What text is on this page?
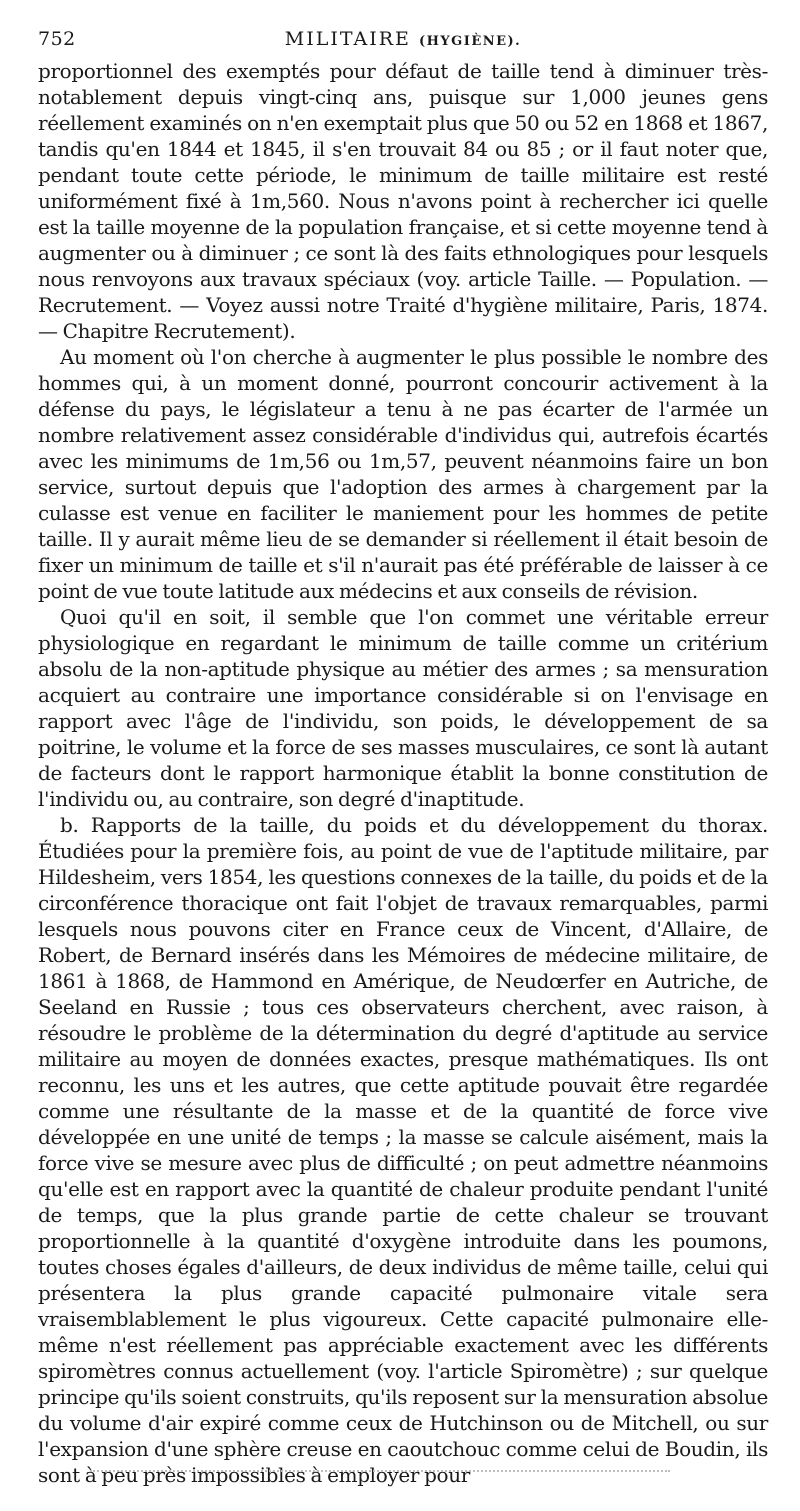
752	MILITAIRE (HYGIÈNE).

proportionnel des exemptés pour défaut de taille tend à diminuer très-notablement depuis vingt-cinq ans, puisque sur 1,000 jeunes gens réellement examinés on n'en exemptait plus que 50 ou 52 en 1868 et 1867, tandis qu'en 1844 et 1845, il s'en trouvait 84 ou 85 ; or il faut noter que, pendant toute cette période, le minimum de taille militaire est resté uniformément fixé à 1m,560. Nous n'avons point à rechercher ici quelle est la taille moyenne de la population française, et si cette moyenne tend à augmenter ou à diminuer ; ce sont là des faits ethnologiques pour lesquels nous renvoyons aux travaux spéciaux (voy. article Taille. — Population. — Recrutement. — Voyez aussi notre Traité d'hygiène militaire, Paris, 1874. — Chapitre Recrutement).

Au moment où l'on cherche à augmenter le plus possible le nombre des hommes qui, à un moment donné, pourront concourir activement à la défense du pays, le législateur a tenu à ne pas écarter de l'armée un nombre relativement assez considérable d'individus qui, autrefois écartés avec les minimums de 1m,56 ou 1m,57, peuvent néanmoins faire un bon service, surtout depuis que l'adoption des armes à chargement par la culasse est venue en faciliter le maniement pour les hommes de petite taille. Il y aurait même lieu de se demander si réellement il était besoin de fixer un minimum de taille et s'il n'aurait pas été préférable de laisser à ce point de vue toute latitude aux médecins et aux conseils de révision.

Quoi qu'il en soit, il semble que l'on commet une véritable erreur physiologique en regardant le minimum de taille comme un critérium absolu de la non-aptitude physique au métier des armes ; sa mensuration acquiert au contraire une importance considérable si on l'envisage en rapport avec l'âge de l'individu, son poids, le développement de sa poitrine, le volume et la force de ses masses musculaires, ce sont là autant de facteurs dont le rapport harmonique établit la bonne constitution de l'individu ou, au contraire, son degré d'inaptitude.

b. Rapports de la taille, du poids et du développement du thorax. Étudiées pour la première fois, au point de vue de l'aptitude militaire, par Hildesheim, vers 1854, les questions connexes de la taille, du poids et de la circonférence thoracique ont fait l'objet de travaux remarquables, parmi lesquels nous pouvons citer en France ceux de Vincent, d'Allaire, de Robert, de Bernard insérés dans les Mémoires de médecine militaire, de 1861 à 1868, de Hammond en Amérique, de Neudœrfer en Autriche, de Seeland en Russie ; tous ces observateurs cherchent, avec raison, à résoudre le problème de la détermination du degré d'aptitude au service militaire au moyen de données exactes, presque mathématiques. Ils ont reconnu, les uns et les autres, que cette aptitude pouvait être regardée comme une résultante de la masse et de la quantité de force vive développée en une unité de temps ; la masse se calcule aisément, mais la force vive se mesure avec plus de difficulté ; on peut admettre néanmoins qu'elle est en rapport avec la quantité de chaleur produite pendant l'unité de temps, que la plus grande partie de cette chaleur se trouvant proportionnelle à la quantité d'oxygène introduite dans les poumons, toutes choses égales d'ailleurs, de deux individus de même taille, celui qui présentera la plus grande capacité pulmonaire vitale sera vraisemblablement le plus vigoureux. Cette capacité pulmonaire elle-même n'est réellement pas appréciable exactement avec les différents spiromètres connus actuellement (voy. l'article Spiromètre) ; sur quelque principe qu'ils soient construits, qu'ils reposent sur la mensuration absolue du volume d'air expiré comme ceux de Hutchinson ou de Mitchell, ou sur l'expansion d'une sphère creuse en caoutchouc comme celui de Boudin, ils sont à peu près impossibles à employer pour
